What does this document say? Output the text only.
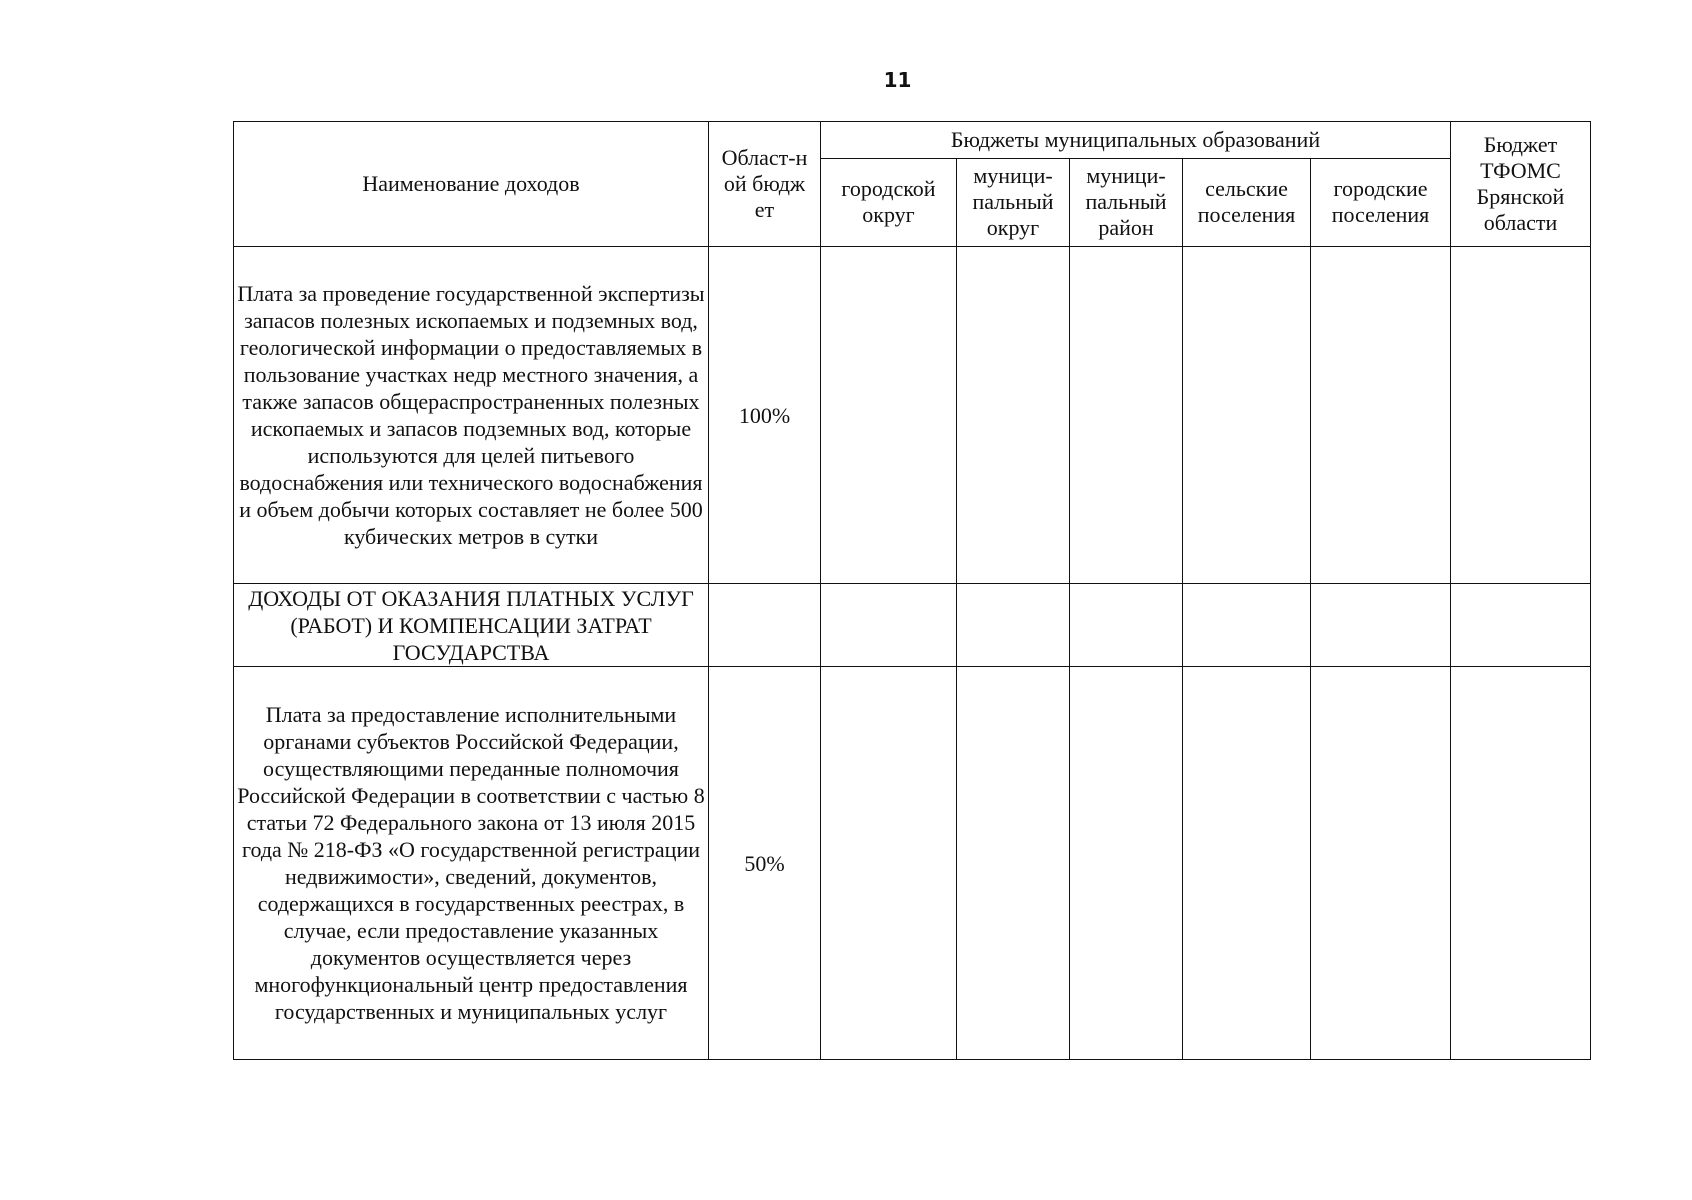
11
Наименование доходов	Област-ной бюджет	Бюджеты муниципальных образований					Бюджет ТФОМС Брянской области
		городской округ	муници-пальный округ	муници-пальный район	сельские поселения	городские поселения	
Плата за проведение государственной экспертизы запасов полезных ископаемых и подземных вод, геологической информации о предоставляемых в пользование участках недр местного значения, а также запасов общераспространенных полезных ископаемых и запасов подземных вод, которые используются для целей питьевого водоснабжения или технического водоснабжения и объем добычи которых составляет не более 500 кубических метров в сутки	100%						
ДОХОДЫ ОТ ОКАЗАНИЯ ПЛАТНЫХ УСЛУГ (РАБОТ) И КОМПЕНСАЦИИ ЗАТРАТ ГОСУДАРСТВА							
Плата за предоставление исполнительными органами субъектов Российской Федерации, осуществляющими переданные полномочия Российской Федерации в соответствии с частью 8 статьи 72 Федерального закона от 13 июля 2015 года № 218-ФЗ «О государственной регистрации недвижимости», сведений, документов, содержащихся в государственных реестрах, в случае, если предоставление указанных документов осуществляется через многофункциональный центр предоставления государственных и муниципальных услуг	50%						
